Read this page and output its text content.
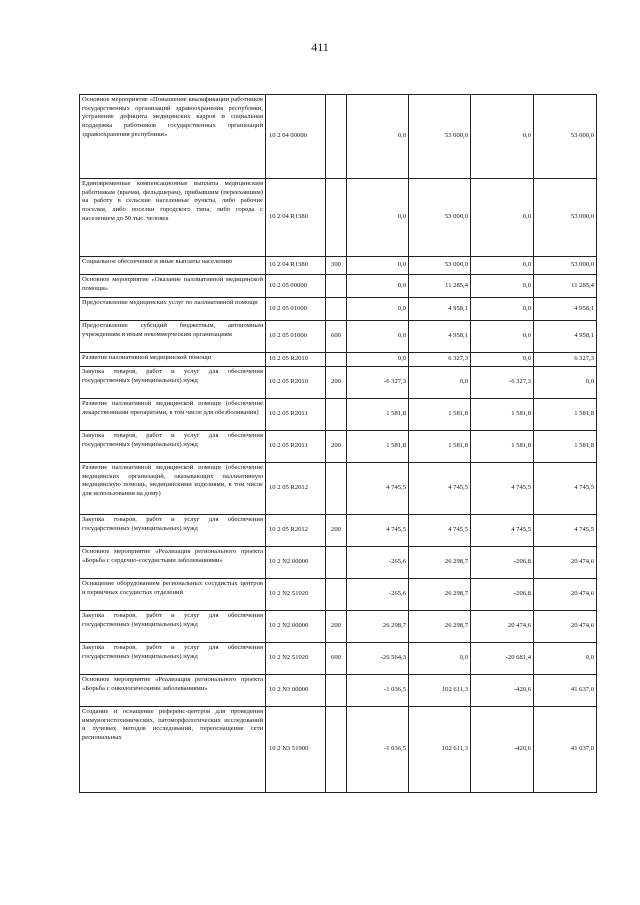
411
Основное мероприятие «Повышение квалификации работников государственных организаций здравоохранения республики, устранение дефицита медицинских кадров и социальная поддержка работников государственных организаций здравоохранения республики»	10 2 04 00000		0,0	53 000,0	0,0	53 000,0
Единовременные компенсационные выплаты медицинским работникам (врачам, фельдшерам), прибывшим (переехавшим) на работу в сельские населенные пункты, либо рабочие поселки, либо поселки городского типа, либо города с населением до 50 тыс. человек	10 2 04 R1380		0,0	53 000,0	0,0	53 000,0
Социальное обеспечение и иные выплаты населению	10 2 04 R1380	300	0,0	53 000,0	0,0	53 000,0
Основное мероприятие «Оказание паллиативной медицинской помощи»	10 2 05 00000		0,0	11 285,4	0,0	11 285,4
Предоставление медицинских услуг по паллиативной помощи	10 2 05 01000		0,0	4 958,1	0,0	4 958,1
Предоставление субсидий бюджетным, автономным учреждениям и иным некоммерческим организациям	10 2 05 01000	600	0,0	4 958,1	0,0	4 958,1
Развитие паллиативной медицинской помощи	10 2 05 R2010		0,0	6 327,3	0,0	6 327,3
Закупка товаров, работ и услуг для обеспечения государственных (муниципальных) нужд	10 2 05 R2010	200	-6 327,3	0,0	-6 327,3	0,0
Развитие паллиативной медицинской помощи (обеспечение лекарственными препаратами, в том числе для обезболивания)	10 2 05 R2011		1 581,8	1 581,8	1 581,8	1 581,8
Закупка товаров, работ и услуг для обеспечения государственных (муниципальных) нужд	10 2 05 R2011	200	1 581,8	1 581,8	1 581,8	1 581,8
Развитие паллиативной медицинской помощи (обеспечение медицинских организаций, оказывающих паллиативную медицинскую помощь, медицинскими изделиями, в том числе для использования на дому)	10 2 05 R2012		4 745,5	4 745,5	4 745,5	4 745,5
Закупка товаров, работ и услуг для обеспечения государственных (муниципальных) нужд	10 2 05 R2012	200	4 745,5	4 745,5	4 745,5	4 745,5
Основное мероприятие «Реализация регионального проекта «Борьба с сердечно-сосудистыми заболеваниями»	10 2 N2 00000		-265,6	26 298,7	-206,8	20 474,6
Оснащение оборудованием региональных сосудистых центров и первичных сосудистых отделений	10 2 N2 51920		-265,6	26 298,7	-206,8	20 474,6
Закупка товаров, работ и услуг для обеспечения государственных (муниципальных) нужд	10 2 N2 00000	200	26 298,7	26 298,7	20 474,6	20 474,6
Закупка товаров, работ и услуг для обеспечения государственных (муниципальных) нужд	10 2 N2 51920	600	-26 564,3	0,0	-20 681,4	0,0
Основное мероприятие «Реализация регионального проекта «Борьба с онкологическими заболеваниями»	10 2 N3 00000		-1 036,5	102 611,3	-420,6	41 637,0
Создание и оснащение референс-центров для проведения иммуногистохимических, патоморфологических исследований и лучевых методов исследований, переоснащение сети региональных	10 2 N3 51900		-1 036,5	102 611,3	-420,6	41 637,0
